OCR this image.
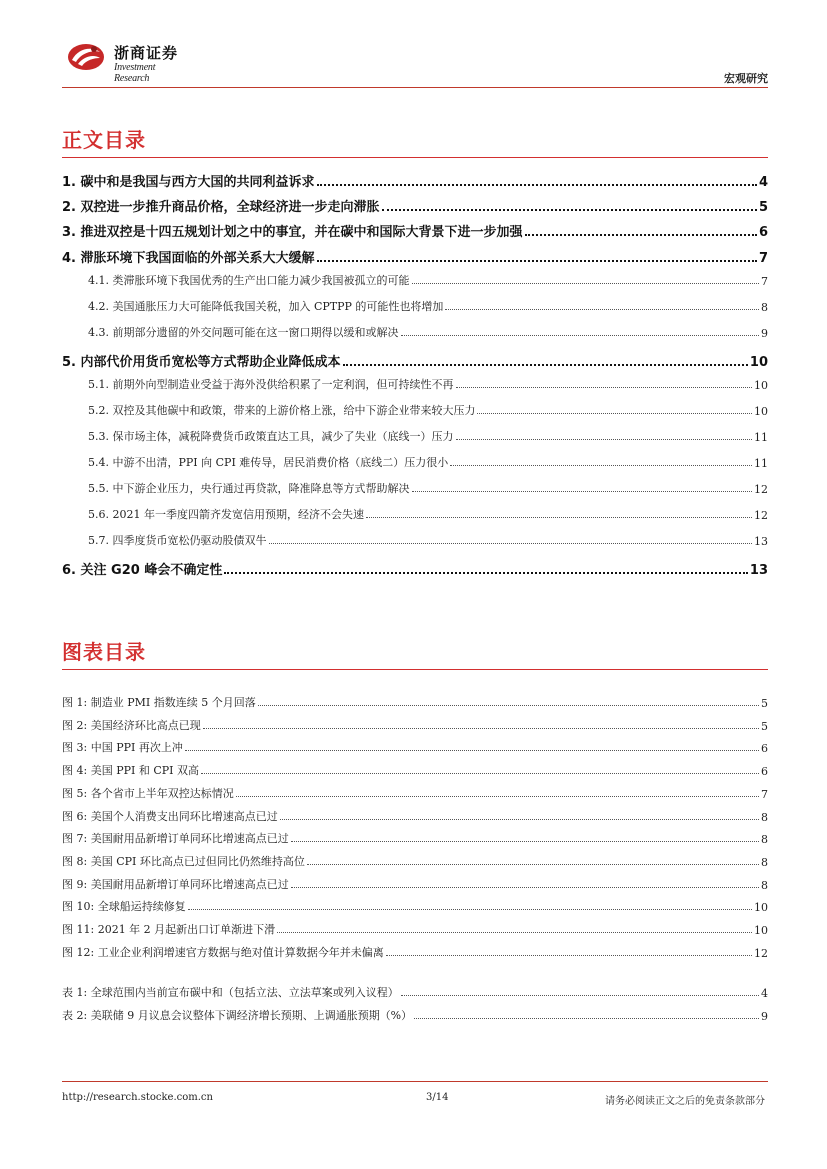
浙商证券
Investment Research	宏观研究
正文目录
1. 碳中和是我国与西方大国的共同利益诉求	4
2. 双控进一步推升商品价格，全球经济进一步走向滞胀	5
3. 推进双控是十四五规划计划之中的事宜，并在碳中和国际大背景下进一步加强	6
4. 滞胀环境下我国面临的外部关系大大缓解	7
4.1. 类滞胀环境下我国优秀的生产出口能力减少我国被孤立的可能	7
4.2. 美国通胀压力大可能降低我国关税，加入 CPTPP 的可能性也将增加	8
4.3. 前期部分遗留的外交问题可能在这一窗口期得以缓和或解决	9
5. 内部代价用货币宽松等方式帮助企业降低成本	10
5.1. 前期外向型制造业受益于海外没供给积累了一定利润，但可持续性不再	10
5.2. 双控及其他碳中和政策，带来的上游价格上涨，给中下游企业带来较大压力	10
5.3. 保市场主体，减税降费货币政策直达工具，减少了失业（底线一）压力	11
5.4. 中游不出清，PPI 向 CPI 难传导，居民消费价格（底线二）压力很小	11
5.5. 中下游企业压力，央行通过再贷款，降准降息等方式帮助解决	12
5.6. 2021 年一季度四箭齐发宽信用预期，经济不会失速	12
5.7. 四季度货币宽松仍驱动股债双牛	13
6. 关注 G20 峰会不确定性	13
图表目录
图 1: 制造业 PMI 指数连续 5 个月回落	5
图 2: 美国经济环比高点已现	5
图 3: 中国 PPI 再次上冲	6
图 4: 美国 PPI 和 CPI 双高	6
图 5: 各个省市上半年双控达标情况	7
图 6: 美国个人消费支出同环比增速高点已过	8
图 7: 美国耐用品新增订单同环比增速高点已过	8
图 8: 美国 CPI 环比高点已过但同比仍然维持高位	8
图 9: 美国耐用品新增订单同环比增速高点已过	8
图 10: 全球船运持续修复	10
图 11: 2021 年 2 月起新出口订单渐进下滑	10
图 12: 工业企业利润增速官方数据与绝对值计算数据今年并未偏离	12
表 1: 全球范围内当前宣布碳中和（包括立法、立法草案或列入议程）	4
表 2: 美联储 9 月议息会议整体下调经济增长预期、上调通胀预期（%）	9
http://research.stocke.com.cn	3/14	请务必阅读正文之后的免责条款部分
